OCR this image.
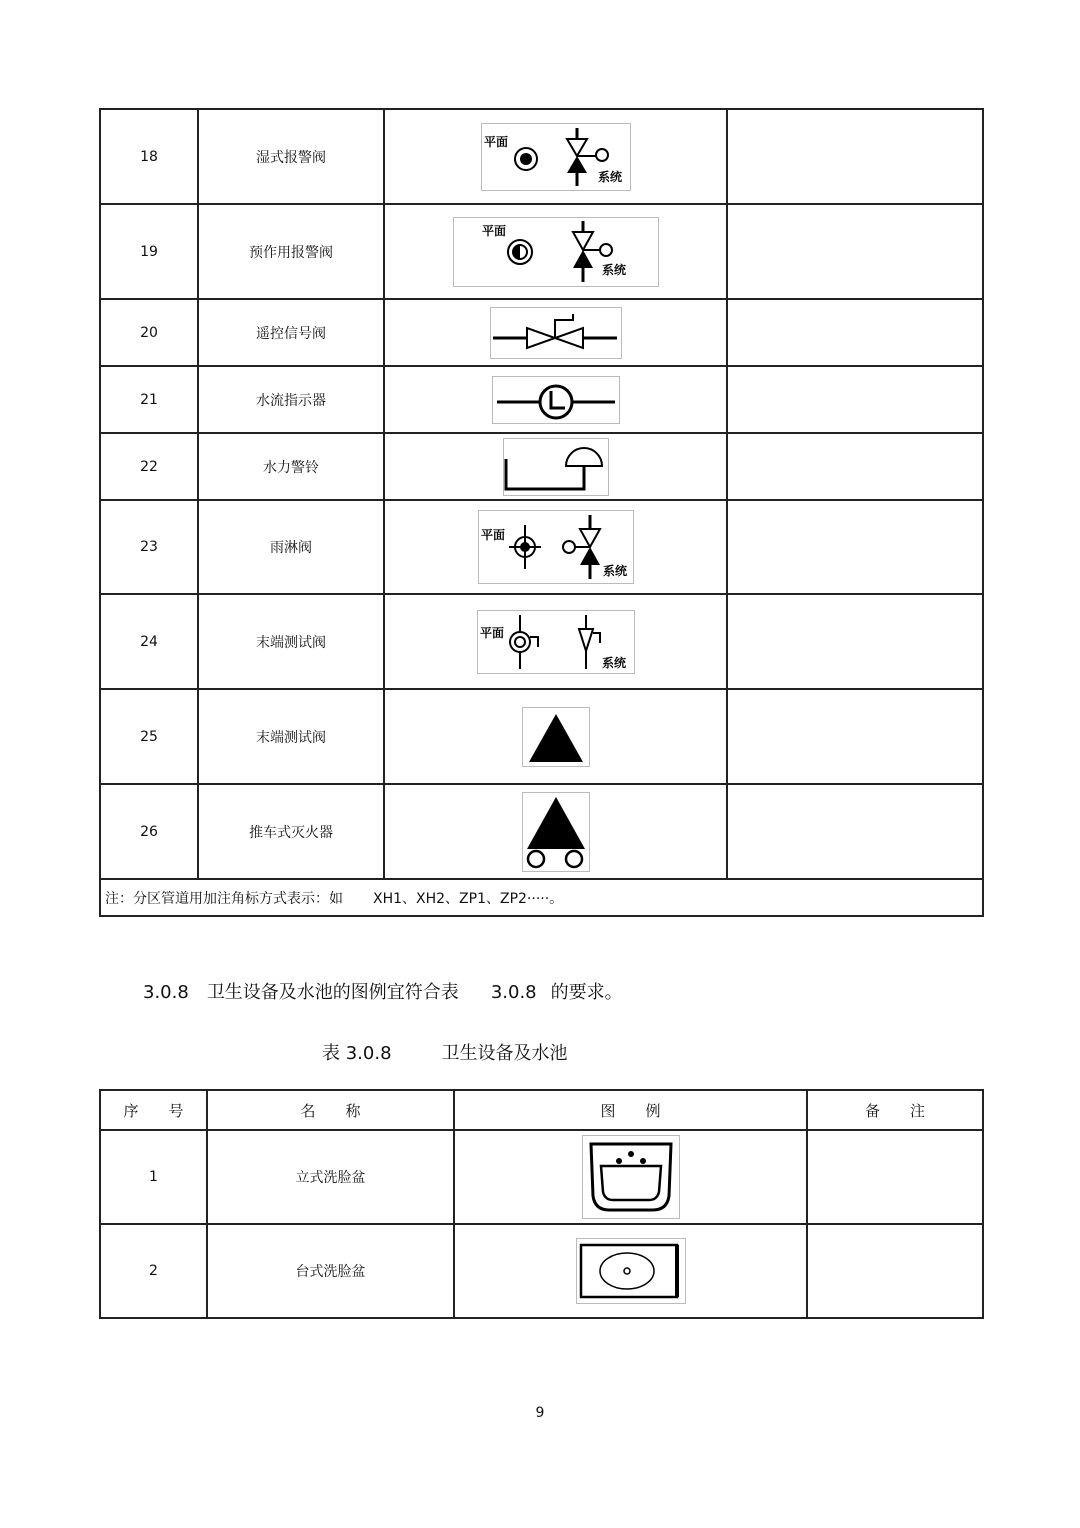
18	湿式报警阀	平面
系统	

19	预作用报警阀	平面
系统	

20	遥控信号阀	

21	水流指示器	

22	水力警铃	

23	雨淋阀	平面
系统	

24	末端测试阀	平面
系统	

25	末端测试阀	

26	推车式灭火器	

注：分区管道用加注角标方式表示：如 XH1、XH2、ZP1、ZP2·····。			
3.0.8 卫生设备及水池的图例宜符合表 3.0.8 的要求。
表 3.0.8	卫生设备及水池
序　　号	名　　称	图　　例	备　　注
1	立式洗脸盆	

2	台式洗脸盆	

9
